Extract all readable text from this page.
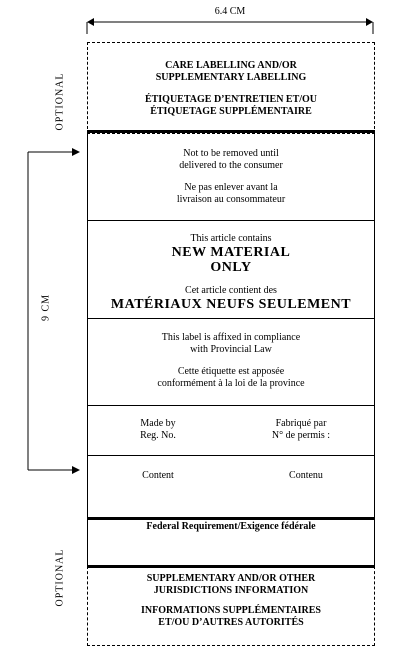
6.4 CM
9 CM
OPTIONAL
OPTIONAL
CARE LABELLING AND/OR
SUPPLEMENTARY LABELLING
ÉTIQUETAGE D’ENTRETIEN ET/OU
ÉTIQUETAGE SUPPLÉMENTAIRE
Not to be removed until
delivered to the consumer
Ne pas enlever avant la
livraison au consommateur
This article contains
NEW MATERIAL
ONLY
Cet article contient des
MATÉRIAUX NEUFS SEULEMENT
This label is affixed in compliance
with Provincial Law
Cette étiquette est apposée
conformément à la loi de la province
Made by
Reg. No.
Fabriqué par
N° de permis :
Content	Contenu
Federal Requirement/Exigence fédérale
SUPPLEMENTARY AND/OR OTHER
JURISDICTIONS INFORMATION
INFORMATIONS SUPPLÉMENTAIRES
ET/OU D’AUTRES AUTORITÉS
